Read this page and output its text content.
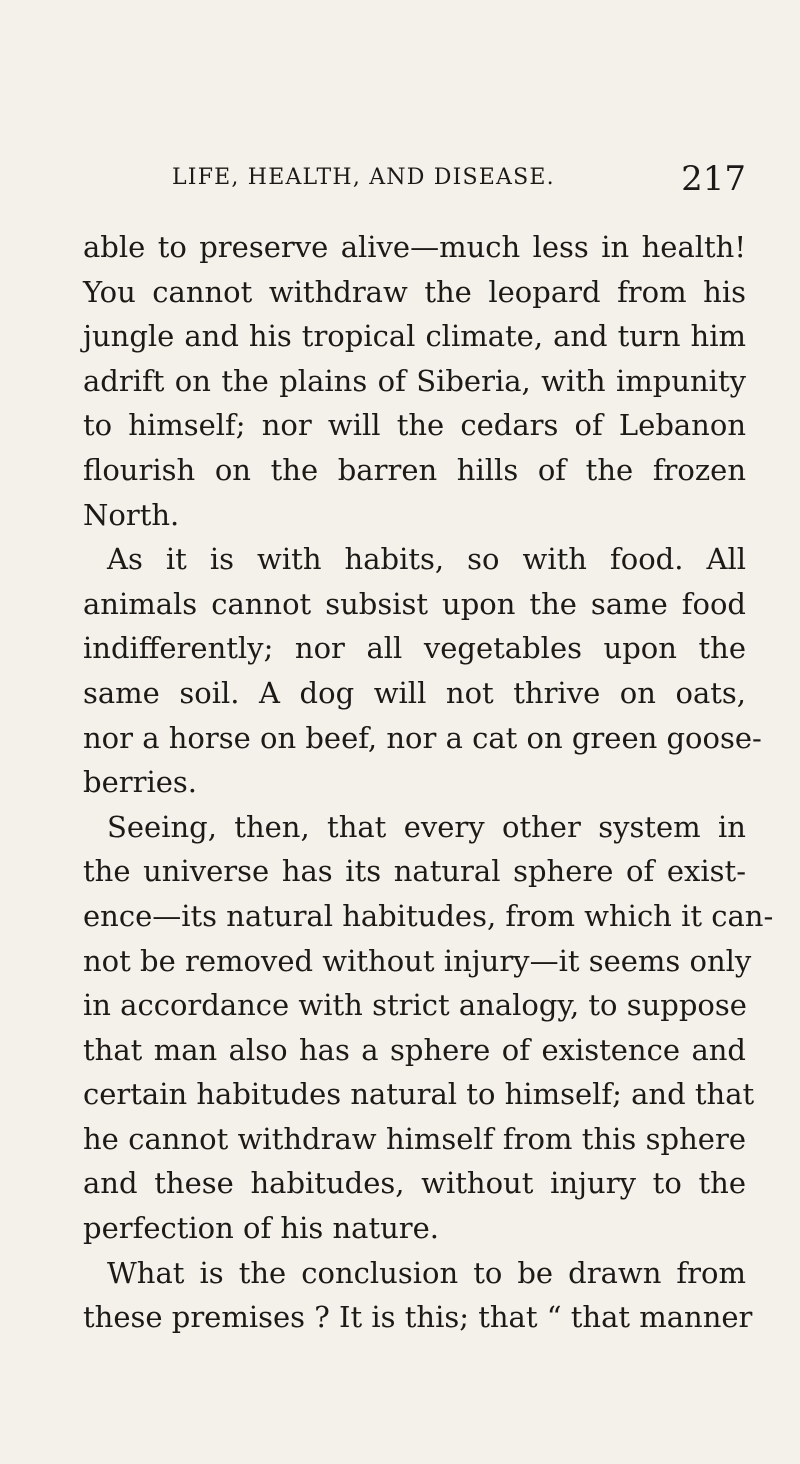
LIFE, HEALTH, AND DISEASE.	217
able to preserve alive—much less in health!
You cannot withdraw the leopard from his
jungle and his tropical climate, and turn him
adrift on the plains of Siberia, with impunity
to himself; nor will the cedars of Lebanon
flourish on the barren hills of the frozen
North.
As it is with habits, so with food. All
animals cannot subsist upon the same food
indifferently; nor all vegetables upon the
same soil. A dog will not thrive on oats,
nor a horse on beef, nor a cat on green goose-
berries.
Seeing, then, that every other system in
the universe has its natural sphere of exist-
ence—its natural habitudes, from which it can-
not be removed without injury—it seems only
in accordance with strict analogy, to suppose
that man also has a sphere of existence and
certain habitudes natural to himself; and that
he cannot withdraw himself from this sphere
and these habitudes, without injury to the
perfection of his nature.
What is the conclusion to be drawn from
these premises ? It is this; that “ that manner
